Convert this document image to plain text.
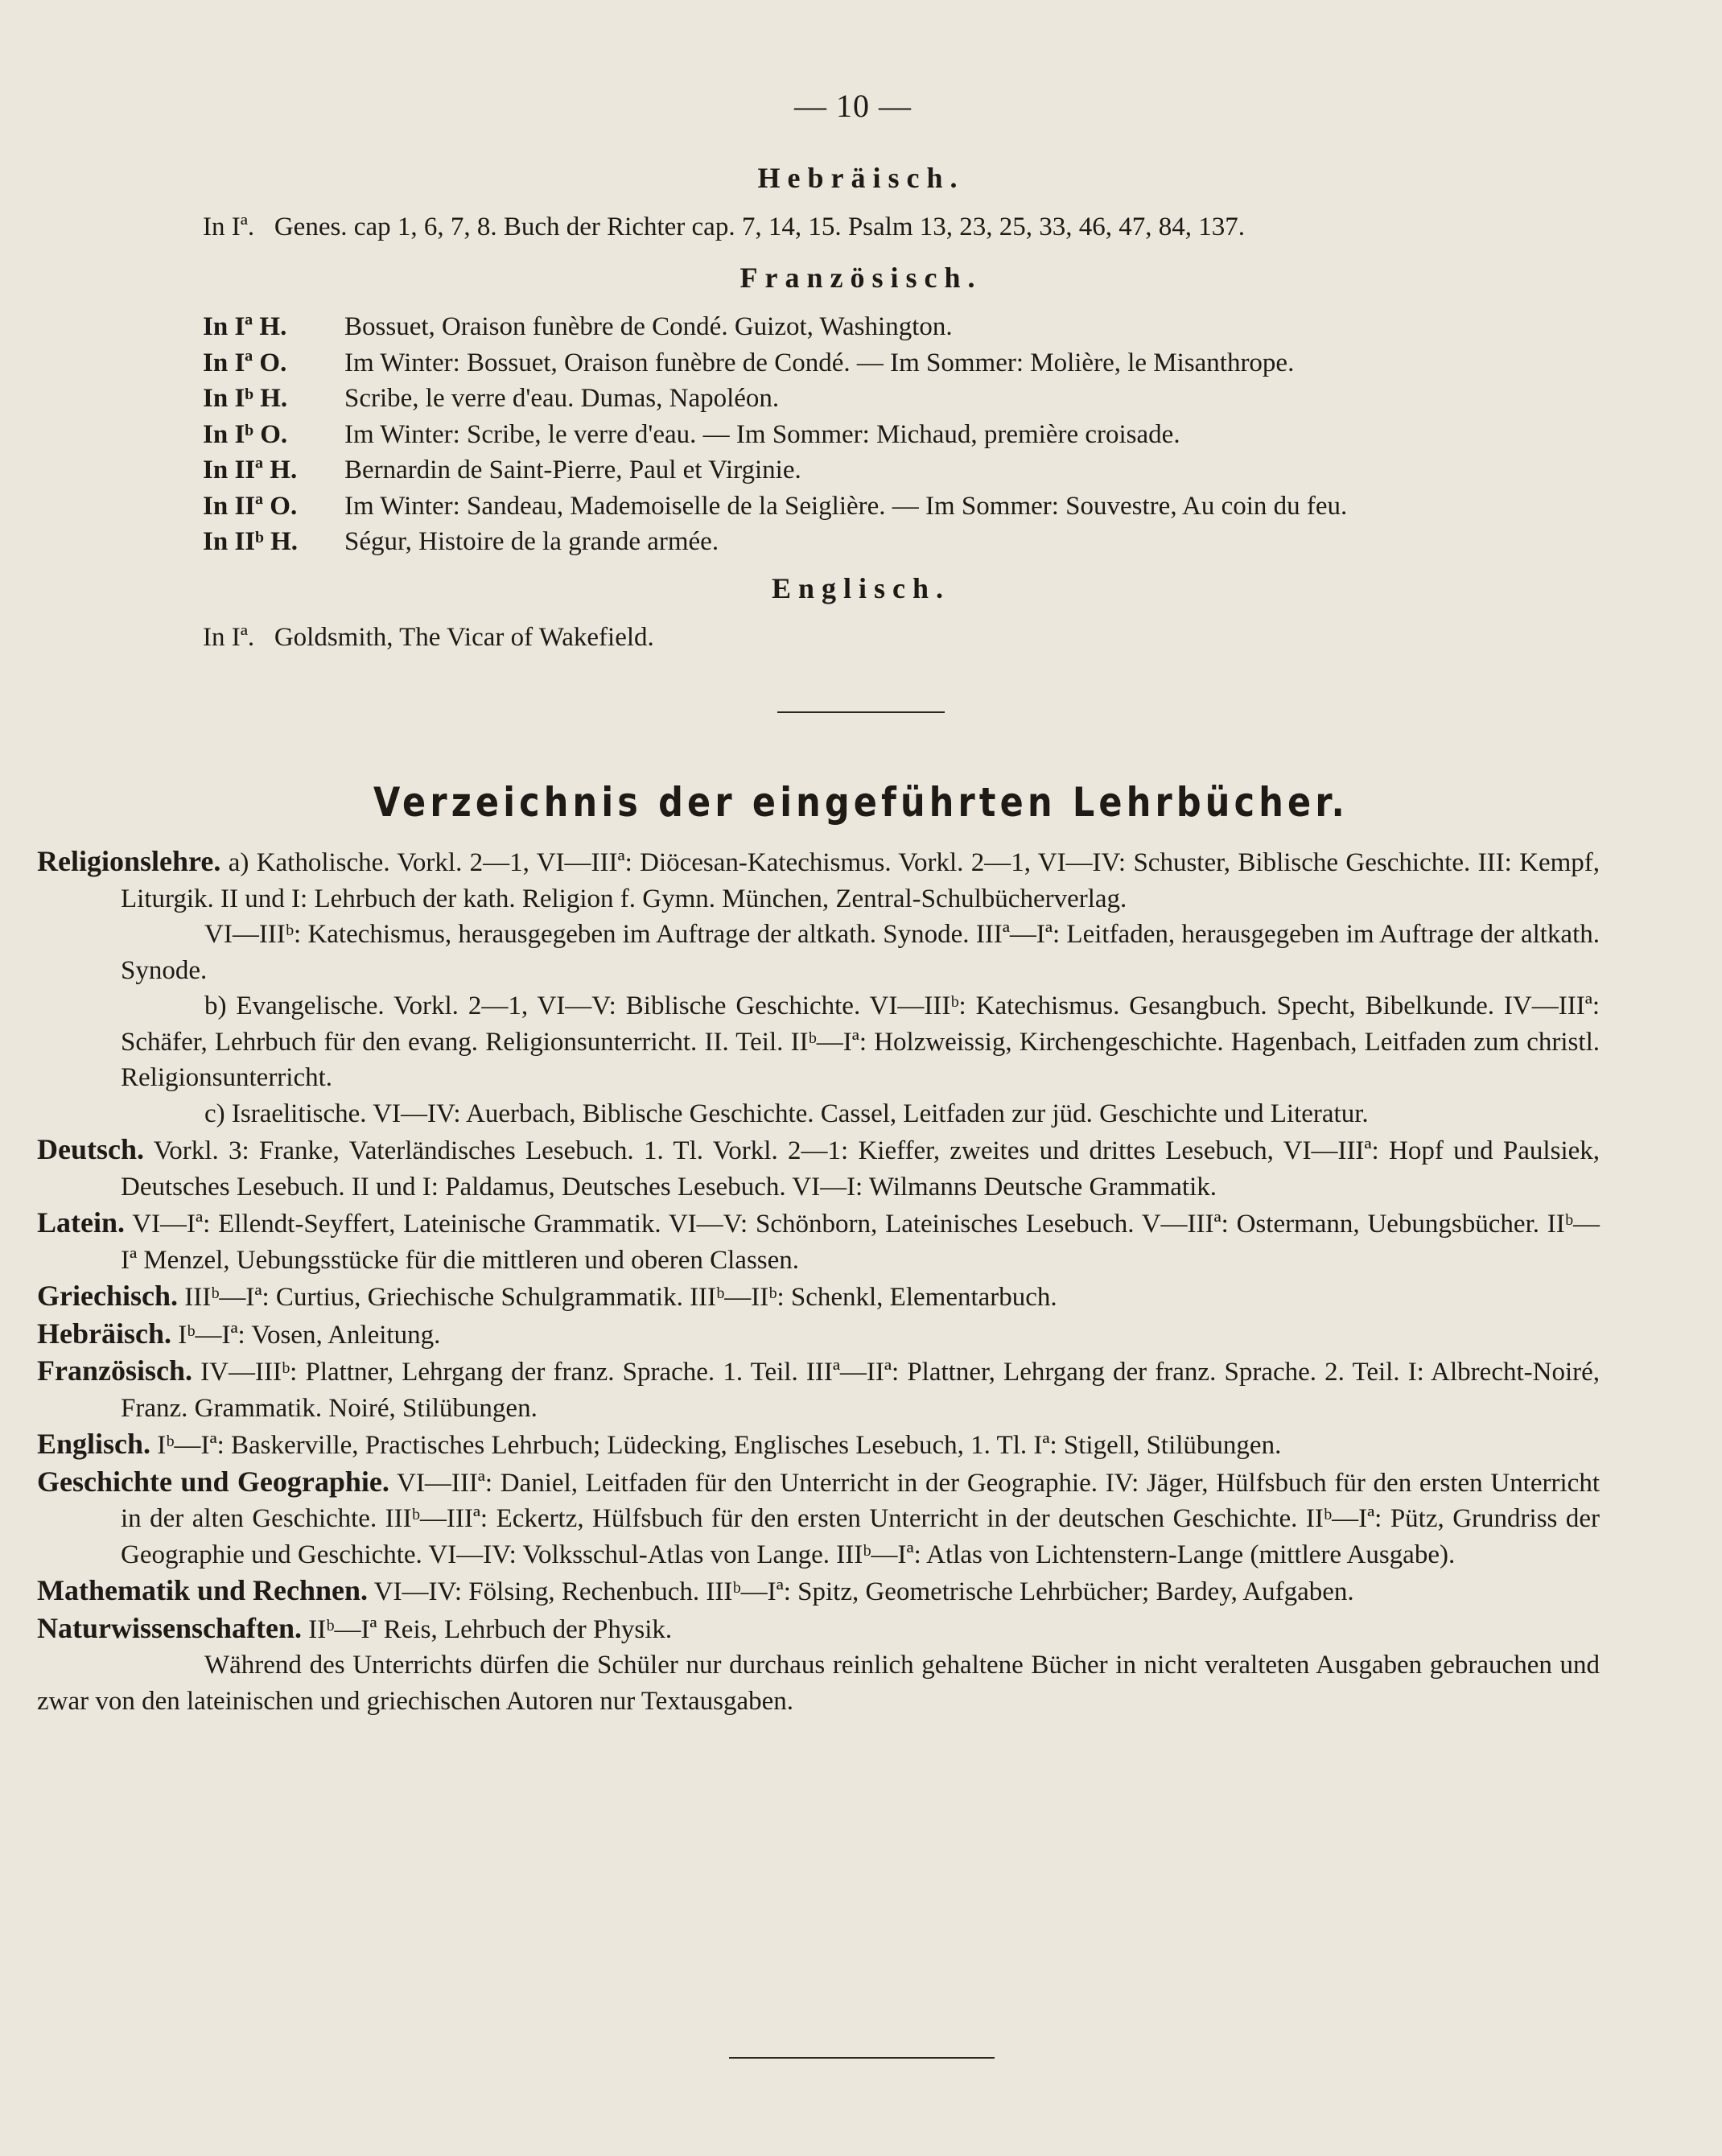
— 10 —
Hebräisch.
In Iª. Genes. cap 1, 6, 7, 8. Buch der Richter cap. 7, 14, 15. Psalm 13, 23, 25, 33, 46, 47, 84, 137.
Französisch.
In Iª H. Bossuet, Oraison funèbre de Condé. Guizot, Washington.
In Iª O. Im Winter: Bossuet, Oraison funèbre de Condé. — Im Sommer: Molière, le Misanthrope.
In Iᵇ H. Scribe, le verre d'eau. Dumas, Napoléon.
In Iᵇ O. Im Winter: Scribe, le verre d'eau. — Im Sommer: Michaud, première croisade.
In IIª H. Bernardin de Saint-Pierre, Paul et Virginie.
In IIª O. Im Winter: Sandeau, Mademoiselle de la Seiglière. — Im Sommer: Souvestre, Au coin du feu.
In IIᵇ H. Ségur, Histoire de la grande armée.
Englisch.
In Iª. Goldsmith, The Vicar of Wakefield.
Verzeichnis der eingeführten Lehrbücher.

Religionslehre. a) Katholische. Vorkl. 2—1, VI—IIIª: Diöcesan-Katechismus. Vorkl. 2—1, VI—IV: Schuster, Biblische Geschichte. III: Kempf, Liturgik. II und I: Lehrbuch der kath. Religion f. Gymn. München, Zentral-Schulbücherverlag.

VI—IIIᵇ: Katechismus, herausgegeben im Auftrage der altkath. Synode. IIIª—Iª: Leitfaden, herausgegeben im Auftrage der altkath. Synode.

b) Evangelische. Vorkl. 2—1, VI—V: Biblische Geschichte. VI—IIIᵇ: Katechismus. Gesangbuch. Specht, Bibelkunde. IV—IIIª: Schäfer, Lehrbuch für den evang. Religionsunterricht. II. Teil. IIᵇ—Iª: Holzweissig, Kirchengeschichte. Hagenbach, Leitfaden zum christl. Religionsunterricht.

c) Israelitische. VI—IV: Auerbach, Biblische Geschichte. Cassel, Leitfaden zur jüd. Geschichte und Literatur.

Deutsch. Vorkl. 3: Franke, Vaterländisches Lesebuch. 1. Tl. Vorkl. 2—1: Kieffer, zweites und drittes Lesebuch, VI—IIIª: Hopf und Paulsiek, Deutsches Lesebuch. II und I: Paldamus, Deutsches Lesebuch. VI—I: Wilmanns Deutsche Grammatik.

Latein. VI—Iª: Ellendt-Seyffert, Lateinische Grammatik. VI—V: Schönborn, Lateinisches Lesebuch. V—IIIª: Ostermann, Uebungsbücher. IIᵇ—Iª Menzel, Uebungsstücke für die mittleren und oberen Classen.

Griechisch. IIIᵇ—Iª: Curtius, Griechische Schulgrammatik. IIIᵇ—IIᵇ: Schenkl, Elementarbuch.

Hebräisch. Iᵇ—Iª: Vosen, Anleitung.

Französisch. IV—IIIᵇ: Plattner, Lehrgang der franz. Sprache. 1. Teil. IIIª—IIª: Plattner, Lehrgang der franz. Sprache. 2. Teil. I: Albrecht-Noiré, Franz. Grammatik. Noiré, Stilübungen.

Englisch. Iᵇ—Iª: Baskerville, Practisches Lehrbuch; Lüdecking, Englisches Lesebuch, 1. Tl. Iª: Stigell, Stilübungen.

Geschichte und Geographie. VI—IIIª: Daniel, Leitfaden für den Unterricht in der Geographie. IV: Jäger, Hülfsbuch für den ersten Unterricht in der alten Geschichte. IIIᵇ—IIIª: Eckertz, Hülfsbuch für den ersten Unterricht in der deutschen Geschichte. IIᵇ—Iª: Pütz, Grundriss der Geographie und Geschichte. VI—IV: Volksschul-Atlas von Lange. IIIᵇ—Iª: Atlas von Lichtenstern-Lange (mittlere Ausgabe).

Mathematik und Rechnen. VI—IV: Fölsing, Rechenbuch. IIIᵇ—Iª: Spitz, Geometrische Lehrbücher; Bardey, Aufgaben.

Naturwissenschaften. IIᵇ—Iª Reis, Lehrbuch der Physik.

Während des Unterrichts dürfen die Schüler nur durchaus reinlich gehaltene Bücher in nicht veralteten Ausgaben gebrauchen und zwar von den lateinischen und griechischen Autoren nur Textausgaben.
